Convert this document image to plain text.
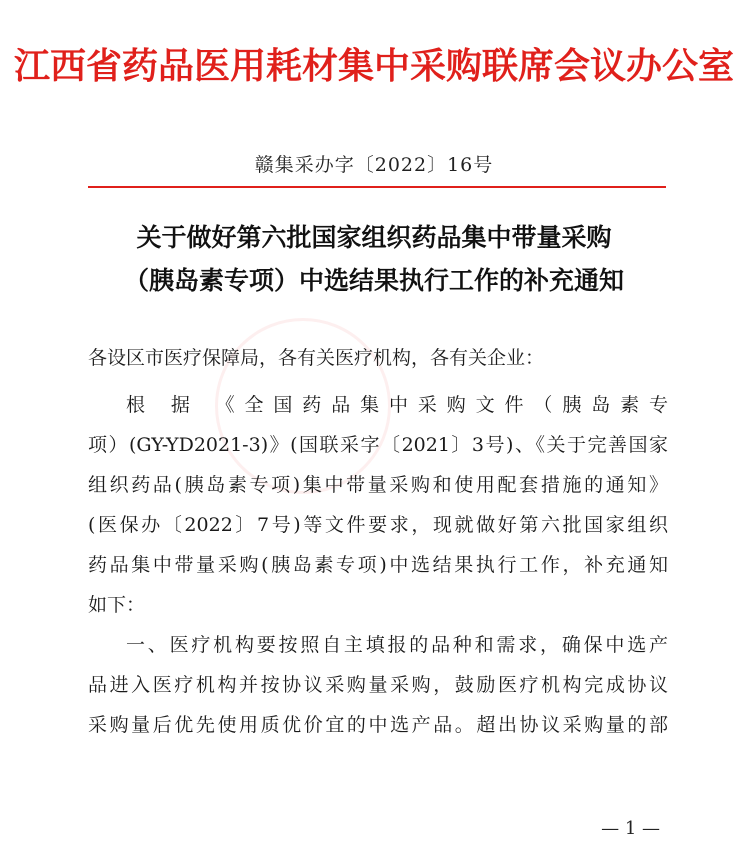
江西省药品医用耗材集中采购联席会议办公室
赣集采办字〔2022〕16号
关于做好第六批国家组织药品集中带量采购
（胰岛素专项）中选结果执行工作的补充通知
各设区市医疗保障局，各有关医疗机构，各有关企业：
根 据 《全国药品集中采购文件（胰岛素专
项）(GY-YD2021-3)》(国联采字〔2021〕3号)、《关于完善国家
组织药品(胰岛素专项)集中带量采购和使用配套措施的通知》
(医保办〔2022〕7号)等文件要求，现就做好第六批国家组织
药品集中带量采购(胰岛素专项)中选结果执行工作，补充通知
如下：
一、医疗机构要按照自主填报的品种和需求，确保中选产
品进入医疗机构并按协议采购量采购，鼓励医疗机构完成协议
采购量后优先使用质优价宜的中选产品。超出协议采购量的部
— 1 —
